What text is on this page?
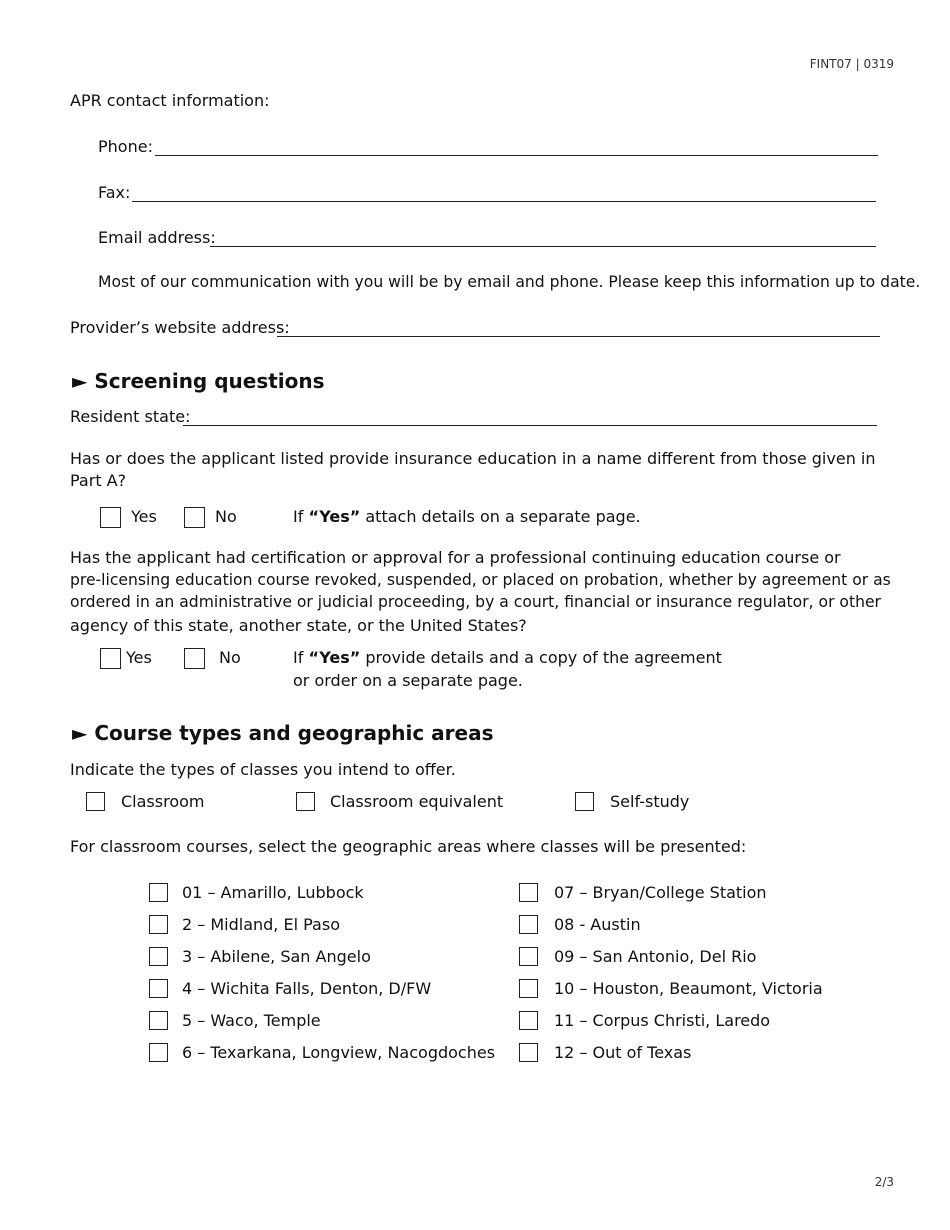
FINT07 | 0319
APR contact information:
Phone:
Fax:
Email address:
Most of our communication with you will be by email and phone. Please keep this information up to date.
Provider’s website address:
► Screening questions
Resident state:
Has or does the applicant listed provide insurance education in a name different from those given in
Part A?
Yes	No	If “Yes” attach details on a separate page.
Has the applicant had certification or approval for a professional continuing education course or
pre-licensing education course revoked, suspended, or placed on probation, whether by agreement or as
ordered in an administrative or judicial proceeding, by a court, financial or insurance regulator, or other
agency of this state, another state, or the United States?
Yes	No	If “Yes” provide details and a copy of the agreement
or order on a separate page.
► Course types and geographic areas
Indicate the types of classes you intend to offer.
Classroom	Classroom equivalent	Self-study
For classroom courses, select the geographic areas where classes will be presented:
01 – Amarillo, Lubbock
2 – Midland, El Paso
3 – Abilene, San Angelo
4 – Wichita Falls, Denton, D/FW
5 – Waco, Temple
6 – Texarkana, Longview, Nacogdoches
07 – Bryan/College Station
08 - Austin
09 – San Antonio, Del Rio
10 – Houston, Beaumont, Victoria
11 – Corpus Christi, Laredo
12 – Out of Texas
2/3
